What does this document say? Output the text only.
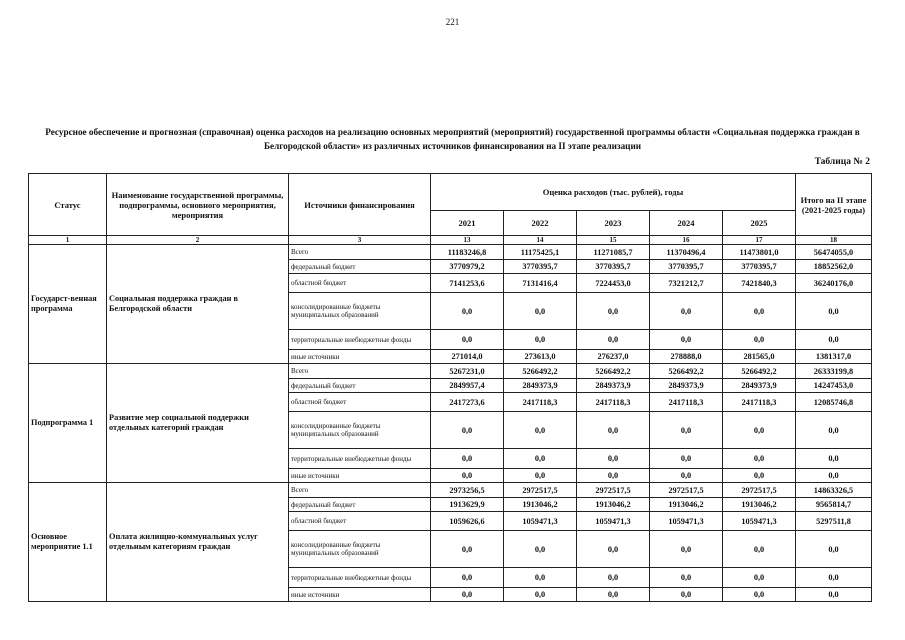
221
Ресурсное обеспечение и прогнозная (справочная) оценка расходов на реализацию основных мероприятий (мероприятий) государственной программы области «Социальная поддержка граждан в Белгородской области» из различных источников финансирования на II этапе реализации
Таблица № 2
Статус	Наименование государственной программы, подпрограммы, основного мероприятия, мероприятия	Источники финансирования	Оценка расходов (тыс. рублей), годы					Итого на II этапе (2021-2025 годы)
			2021	2022	2023	2024	2025	
1	2	3	13	14	15	16	17	18
Государст-венная программа	Социальная поддержка граждан в Белгородской области	Всего	11183246,8	11175425,1	11271085,7	11370496,4	11473801,0	56474055,0
		федеральный бюджет	3770979,2	3770395,7	3770395,7	3770395,7	3770395,7	18852562,0
		областной бюджет	7141253,6	7131416,4	7224453,0	7321212,7	7421840,3	36240176,0
		консолидированные бюджеты муниципальных образований	0,0	0,0	0,0	0,0	0,0	0,0
		территориальные внебюджетные фонды	0,0	0,0	0,0	0,0	0,0	0,0
		иные источники	271014,0	273613,0	276237,0	278888,0	281565,0	1381317,0
Подпрограмма 1	Развитие мер социальной поддержки отдельных категорий граждан	Всего	5267231,0	5266492,2	5266492,2	5266492,2	5266492,2	26333199,8
		федеральный бюджет	2849957,4	2849373,9	2849373,9	2849373,9	2849373,9	14247453,0
		областной бюджет	2417273,6	2417118,3	2417118,3	2417118,3	2417118,3	12085746,8
		консолидированные бюджеты муниципальных образований	0,0	0,0	0,0	0,0	0,0	0,0
		территориальные внебюджетные фонды	0,0	0,0	0,0	0,0	0,0	0,0
		иные источники	0,0	0,0	0,0	0,0	0,0	0,0
Основное мероприятие 1.1	Оплата жилищно-коммунальных услуг отдельным категориям граждан	Всего	2973256,5	2972517,5	2972517,5	2972517,5	2972517,5	14863326,5
		федеральный бюджет	1913629,9	1913046,2	1913046,2	1913046,2	1913046,2	9565814,7
		областной бюджет	1059626,6	1059471,3	1059471,3	1059471,3	1059471,3	5297511,8
		консолидированные бюджеты муниципальных образований	0,0	0,0	0,0	0,0	0,0	0,0
		территориальные внебюджетные фонды	0,0	0,0	0,0	0,0	0,0	0,0
		иные источники	0,0	0,0	0,0	0,0	0,0	0,0
